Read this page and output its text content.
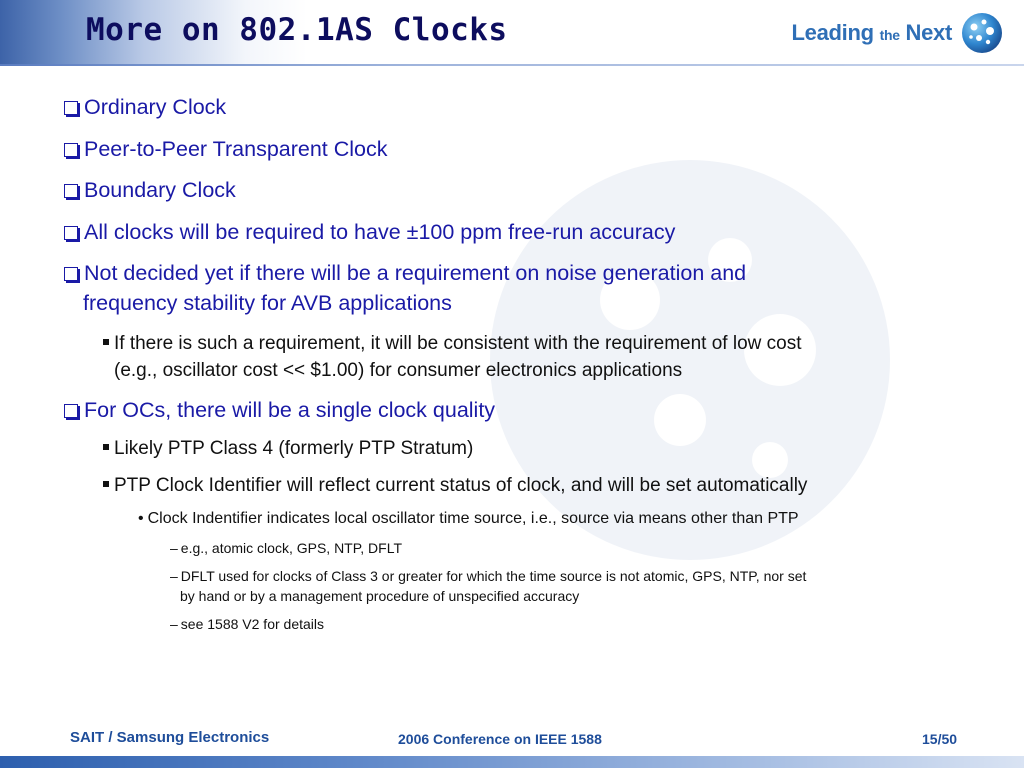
More on 802.1AS Clocks	Leading the Next
Ordinary Clock
Peer-to-Peer Transparent Clock
Boundary Clock
All clocks will be required to have ±100 ppm free-run accuracy
Not decided yet if there will be a requirement on noise generation and
frequency stability for AVB applications
If there is such a requirement, it will be consistent with the requirement of low cost
(e.g., oscillator cost << $1.00) for consumer electronics applications
For OCs, there will be a single clock quality
Likely PTP Class 4 (formerly PTP Stratum)
PTP Clock Identifier will reflect current status of clock, and will be set automatically
• Clock Indentifier indicates local oscillator time source, i.e., source via means other than PTP
– e.g., atomic clock, GPS, NTP, DFLT
– DFLT used for clocks of Class 3 or greater for which the time source is not atomic, GPS, NTP, nor set
by hand or by a management procedure of unspecified accuracy
– see 1588 V2 for details
SAIT / Samsung Electronics	2006 Conference on IEEE 1588	15/50
